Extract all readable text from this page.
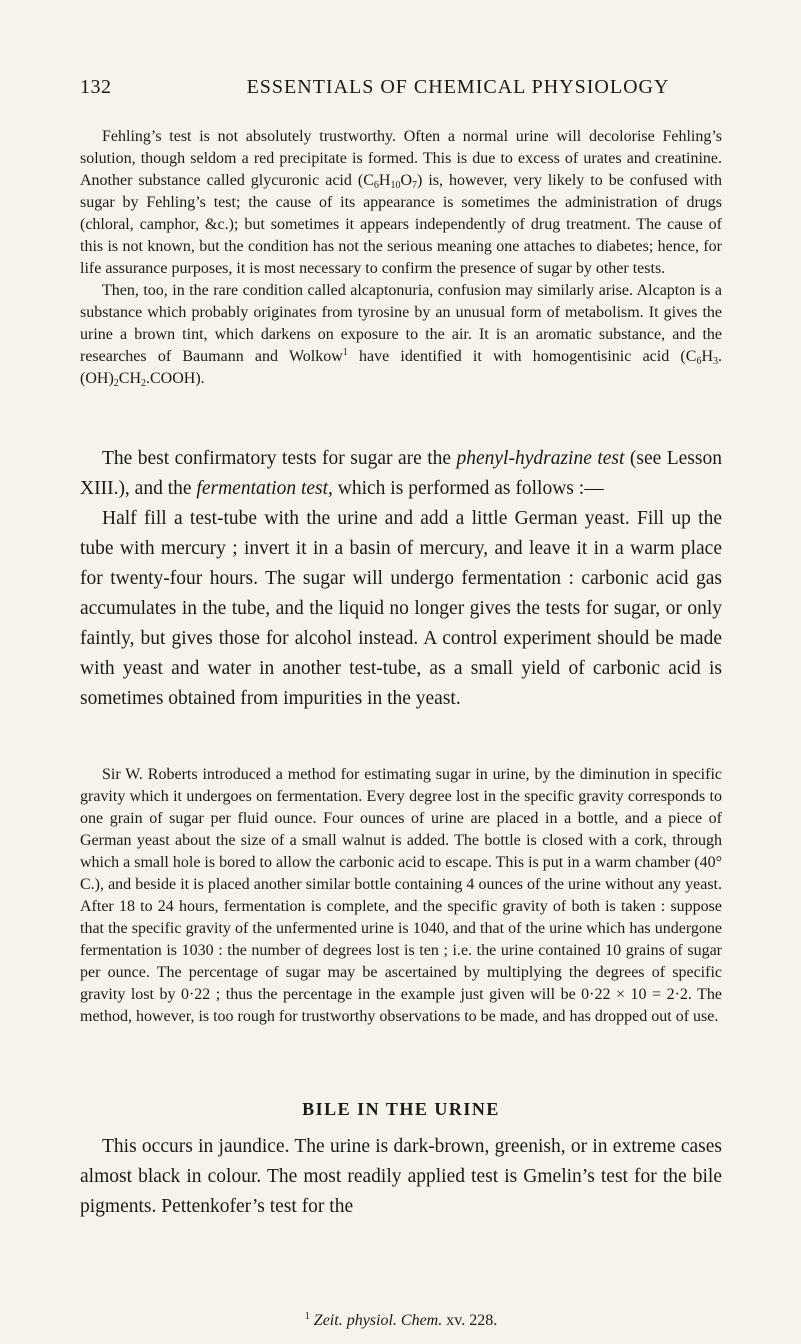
132	ESSENTIALS OF CHEMICAL PHYSIOLOGY

Fehling’s test is not absolutely trustworthy. Often a normal urine will decolorise Fehling’s solution, though seldom a red precipitate is formed. This is due to excess of urates and creatinine. Another substance called glycuronic acid $(C_6H_{10}O_7)$ is, however, very likely to be confused with sugar by Fehling’s test; the cause of its appearance is sometimes the administration of drugs (chloral, camphor, &c.); but sometimes it appears independently of drug treatment. The cause of this is not known, but the condition has not the serious meaning one attaches to diabetes; hence, for life assurance purposes, it is most necessary to confirm the presence of sugar by other tests.

Then, too, in the rare condition called alcaptonuria, confusion may similarly arise. Alcapton is a substance which probably originates from tyrosine by an unusual form of metabolism. It gives the urine a brown tint, which darkens on exposure to the air. It is an aromatic substance, and the researches of Baumann and Wolkow$^1$ have identified it with homogentisinic acid $(C_6H_3.(OH)_2CH_2.COOH)$.

The best confirmatory tests for sugar are the phenyl-hydrazine test (see Lesson XIII.), and the fermentation test, which is performed as follows :—

Half fill a test-tube with the urine and add a little German yeast. Fill up the tube with mercury ; invert it in a basin of mercury, and leave it in a warm place for twenty-four hours. The sugar will undergo fermentation : carbonic acid gas accumulates in the tube, and the liquid no longer gives the tests for sugar, or only faintly, but gives those for alcohol instead. A control experiment should be made with yeast and water in another test-tube, as a small yield of carbonic acid is sometimes obtained from impurities in the yeast.

Sir W. Roberts introduced a method for estimating sugar in urine, by the diminution in specific gravity which it undergoes on fermentation. Every degree lost in the specific gravity corresponds to one grain of sugar per fluid ounce. Four ounces of urine are placed in a bottle, and a piece of German yeast about the size of a small walnut is added. The bottle is closed with a cork, through which a small hole is bored to allow the carbonic acid to escape. This is put in a warm chamber (40° C.), and beside it is placed another similar bottle containing 4 ounces of the urine without any yeast. After 18 to 24 hours, fermentation is complete, and the specific gravity of both is taken : suppose that the specific gravity of the unfermented urine is 1040, and that of the urine which has undergone fermentation is 1030 : the number of degrees lost is ten ; i.e. the urine contained 10 grains of sugar per ounce. The percentage of sugar may be ascertained by multiplying the degrees of specific gravity lost by 0·22 ; thus the percentage in the example just given will be 0·22 × 10 = 2·2. The method, however, is too rough for trustworthy observations to be made, and has dropped out of use.

BILE IN THE URINE

This occurs in jaundice. The urine is dark-brown, greenish, or in extreme cases almost black in colour. The most readily applied test is Gmelin’s test for the bile pigments. Pettenkofer’s test for the

$^1$ Zeit. physiol. Chem. xv. 228.
